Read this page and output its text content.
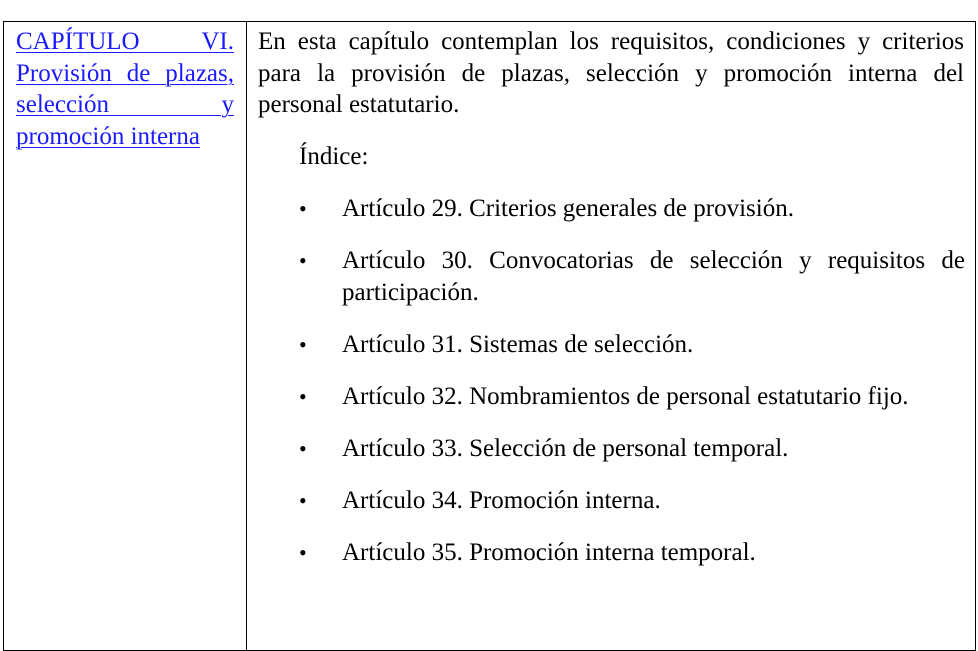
CAPÍTULO VI. Provisión de plazas, selección y promoción interna

En esta capítulo contemplan los requisitos, condiciones y criterios para la provisión de plazas, selección y promoción interna del personal estatutario.

Índice:

•	Artículo 29. Criterios generales de provisión.
•	Artículo 30. Convocatorias de selección y requisitos de participación.
•	Artículo 31. Sistemas de selección.
•	Artículo 32. Nombramientos de personal estatutario fijo.
•	Artículo 33. Selección de personal temporal.
•	Artículo 34. Promoción interna.
•	Artículo 35. Promoción interna temporal.
